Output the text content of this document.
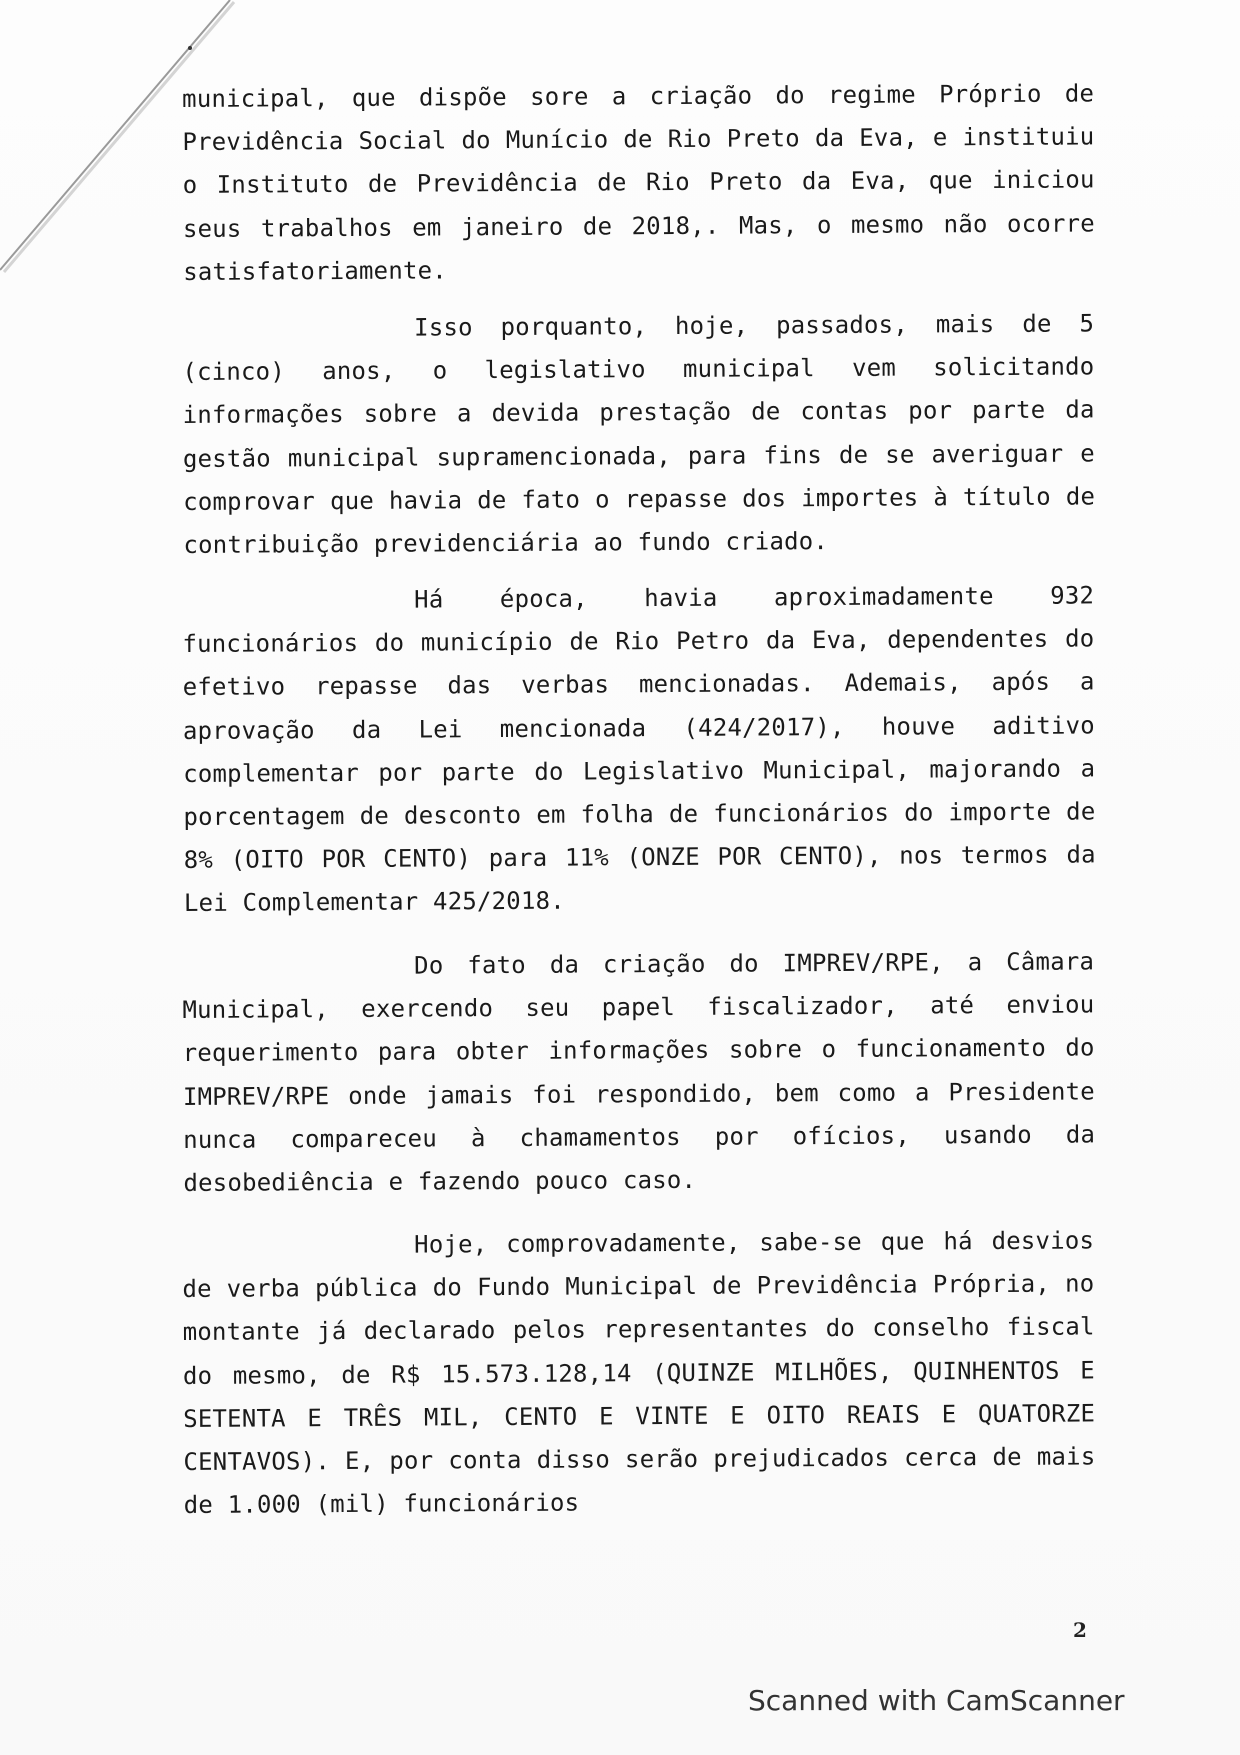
municipal, que dispõe sore a criação do regime Próprio de Previdência Social do Munício de Rio Preto da Eva, e instituiu o Instituto de Previdência de Rio Preto da Eva, que iniciou seus trabalhos em janeiro de 2018,. Mas, o mesmo não ocorre satisfatoriamente.

Isso porquanto, hoje, passados, mais de 5 (cinco) anos, o legislativo municipal vem solicitando informações sobre a devida prestação de contas por parte da gestão municipal supramencionada, para fins de se averiguar e comprovar que havia de fato o repasse dos importes à título de contribuição previdenciária ao fundo criado.

Há época, havia aproximadamente 932 funcionários do município de Rio Petro da Eva, dependentes do efetivo repasse das verbas mencionadas. Ademais, após a aprovação da Lei mencionada (424/2017), houve aditivo complementar por parte do Legislativo Municipal, majorando a porcentagem de desconto em folha de funcionários do importe de 8% (OITO POR CENTO) para 11% (ONZE POR CENTO), nos termos da Lei Complementar 425/2018.

Do fato da criação do IMPREV/RPE, a Câmara Municipal, exercendo seu papel fiscalizador, até enviou requerimento para obter informações sobre o funcionamento do IMPREV/RPE onde jamais foi respondido, bem como a Presidente nunca compareceu à chamamentos por ofícios, usando da desobediência e fazendo pouco caso.

Hoje, comprovadamente, sabe-se que há desvios de verba pública do Fundo Municipal de Previdência Própria, no montante já declarado pelos representantes do conselho fiscal do mesmo, de R$ 15.573.128,14 (QUINZE MILHÕES, QUINHENTOS E SETENTA E TRÊS MIL, CENTO E VINTE E OITO REAIS E QUATORZE CENTAVOS). E, por conta disso serão prejudicados cerca de mais de 1.000 (mil) funcionários

2
Scanned with CamScanner
